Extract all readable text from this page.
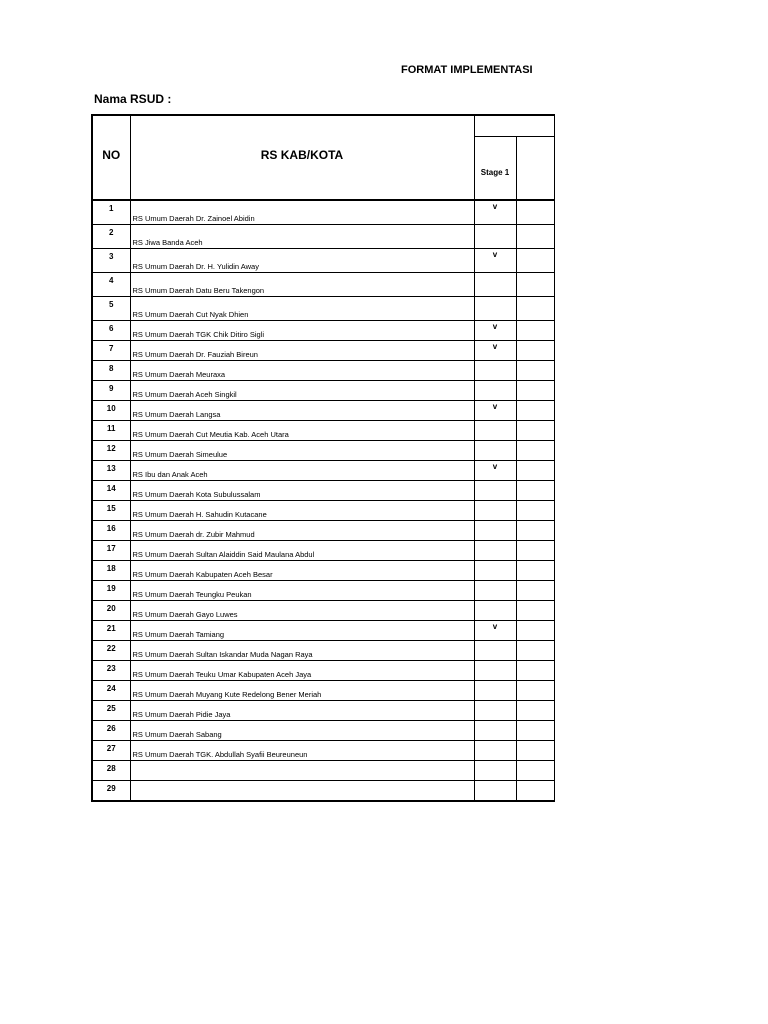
FORMAT IMPLEMENTASI
Nama RSUD :
NO	RS KAB/KOTA		
		Stage 1	
1	RS Umum Daerah Dr. Zainoel Abidin	v	
2	RS Jiwa Banda Aceh		
3	RS Umum Daerah Dr. H. Yulidin Away	v	
4	RS Umum Daerah Datu Beru Takengon		
5	RS Umum Daerah Cut Nyak Dhien		
6	RS Umum Daerah TGK Chik Ditiro Sigli	v	
7	RS Umum Daerah Dr. Fauziah Bireun	v	
8	RS Umum Daerah Meuraxa		
9	RS Umum Daerah Aceh Singkil		
10	RS Umum Daerah Langsa	v	
11	RS Umum Daerah Cut Meutia Kab. Aceh Utara		
12	RS Umum Daerah Simeulue		
13	RS Ibu dan Anak Aceh	v	
14	RS Umum Daerah Kota Subulussalam		
15	RS Umum Daerah H. Sahudin Kutacane		
16	RS Umum Daerah dr. Zubir Mahmud		
17	RS Umum Daerah Sultan Alaiddin Said Maulana Abdul		
18	RS Umum Daerah Kabupaten Aceh Besar		
19	RS Umum Daerah Teungku Peukan		
20	RS Umum Daerah Gayo Luwes		
21	RS Umum Daerah Tamiang	v	
22	RS Umum Daerah Sultan Iskandar Muda Nagan Raya		
23	RS Umum Daerah Teuku Umar Kabupaten Aceh Jaya		
24	RS Umum Daerah Muyang Kute Redelong Bener Meriah		
25	RS Umum Daerah Pidie Jaya		
26	RS Umum Daerah Sabang		
27	RS Umum Daerah TGK. Abdullah Syafii Beureuneun		
28			
29			
